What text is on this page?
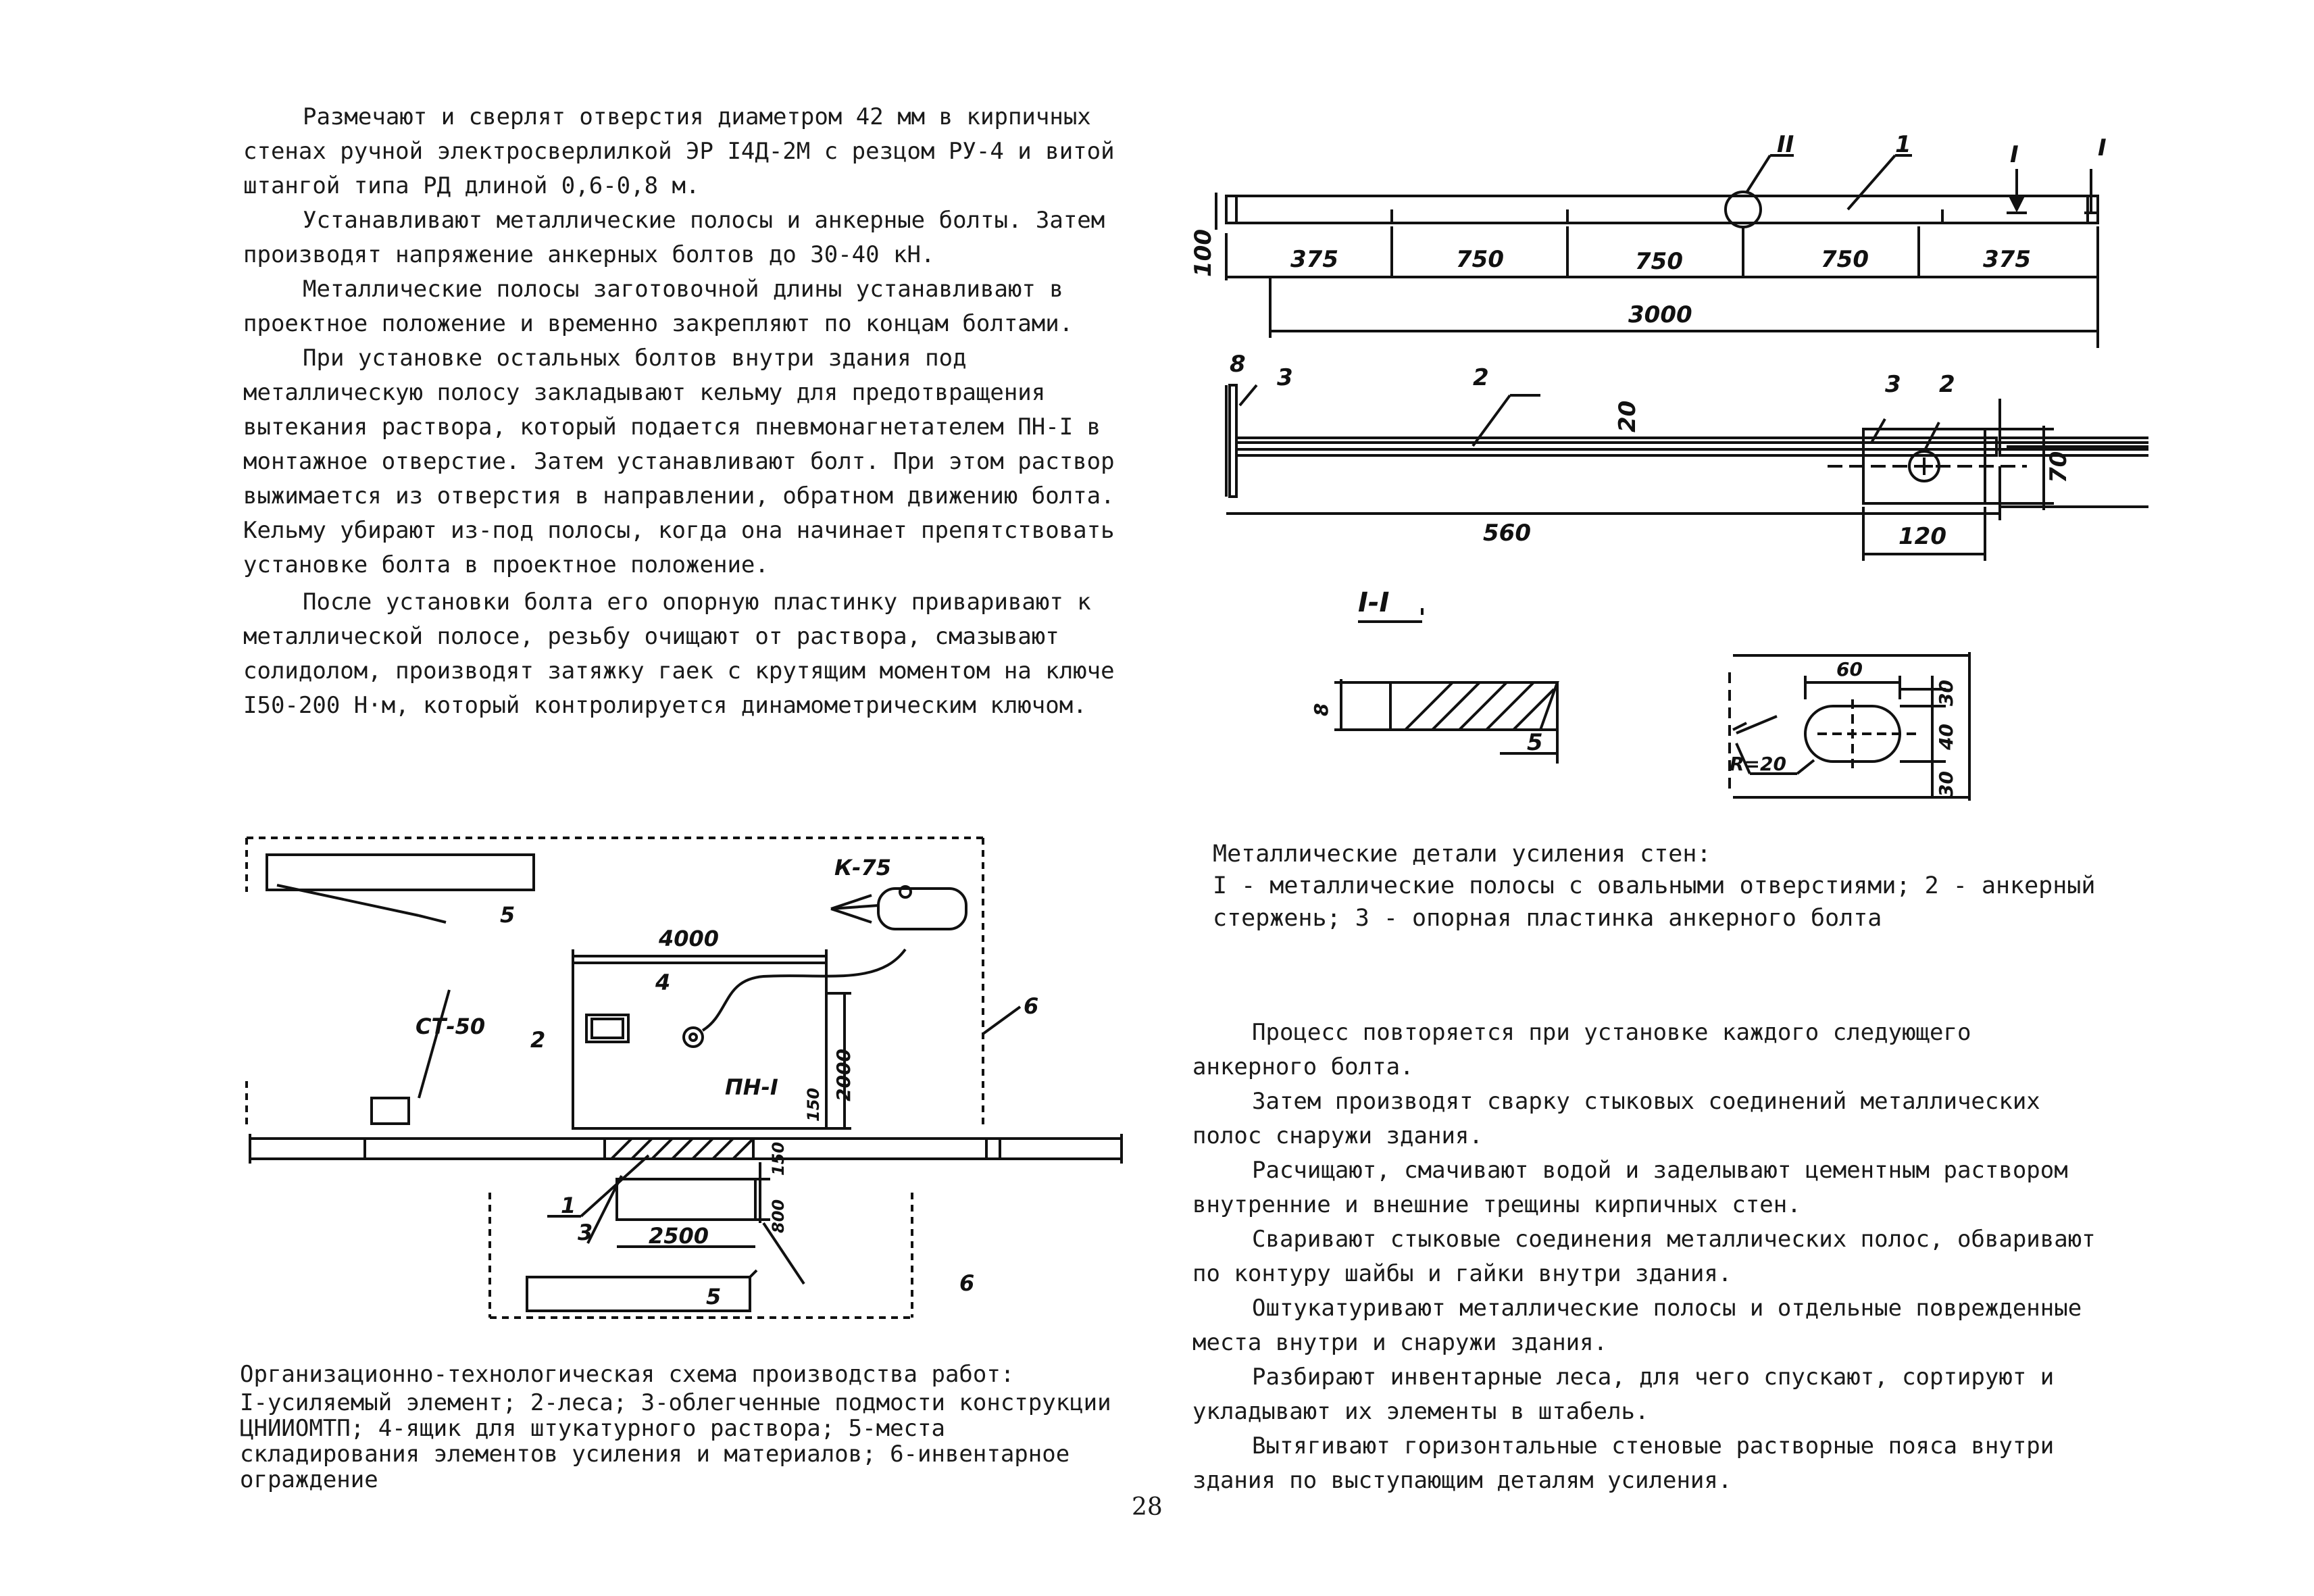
Размечают и сверлят отверстия диаметром 42 мм в кирпичных стенах ручной электросверлилкой ЭР I4Д-2М с резцом РУ-4 и витой штангой типа РД длиной 0,6-0,8 м.

Устанавливают металлические полосы и анкерные болты. Затем производят напряжение анкерных болтов до 30-40 кН.

Металлические полосы заготовочной длины устанавливают в проектное положение и временно закрепляют по концам болтами.

При установке остальных болтов внутри здания под металлическую полосу закладывают кельму для предотвращения вытекания раствора, который подается пневмонагнетателем ПН-I в монтажное отверстие. Затем устанавливают болт. При этом раствор выжимается из отверстия в направлении, обратном движению болта. Кельму убирают из-под полосы, когда она начинает препятствовать установке болта в проектное положение.

После установки болта его опорную пластинку приваривают к металлической полосе, резьбу очищают от раствора, смазывают солидолом, производят затяжку гаек с крутящим моментом на ключе I50-200 Н·м, который контролируется динамометрическим ключом.

К-75
СТ-50
ПН-I
4000
2000
150
150
800
2500
1
2
3
4
5
5
6
6

Организационно-технологическая схема производства работ:

I-усиляемый элемент; 2-леса; 3-облегченные подмости конструкции ЦНИИОМТП; 4-ящик для штукатурного раствора; 5-места складирования элементов усиления и материалов; 6-инвентарное ограждение

II	1	I	I
100	375	750	750	750	375
3000
8 3	2
20
560
3 2
70
120
I-I
8
5
60
30
40
30
R=20

Металлические детали усиления стен:

I - металлические полосы с овальными отверстиями; 2 - анкерный стержень; 3 - опорная пластинка анкерного болта

Процесс повторяется при установке каждого следующего анкерного болта.

Затем производят сварку стыковых соединений металлических полос снаружи здания.

Расчищают, смачивают водой и заделывают цементным раствором внутренние и внешние трещины кирпичных стен.

Сваривают стыковые соединения металлических полос, обваривают по контуру шайбы и гайки внутри здания.

Оштукатуривают металлические полосы и отдельные поврежденные места внутри и снаружи здания.

Разбирают инвентарные леса, для чего спускают, сортируют и укладывают их элементы в штабель.

Вытягивают горизонтальные стеновые растворные пояса внутри здания по выступающим деталям усиления.

28
